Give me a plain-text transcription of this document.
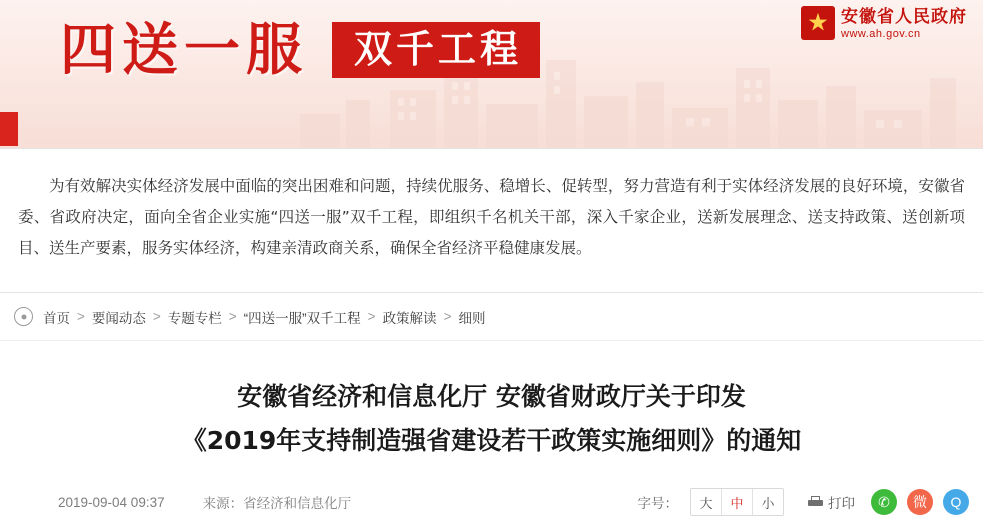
四送一服	双千工程
★ 安徽省人民政府
www.ah.gov.cn

为有效解决实体经济发展中面临的突出困难和问题，持续优服务、稳增长、促转型，努力营造有利于实体经济发展的良好环境，安徽省委、省政府决定，面向全省企业实施“四送一服”双千工程，即组织千名机关干部，深入千家企业，送新发展理念、送支持政策、送创新项目、送生产要素，服务实体经济，构建亲清政商关系，确保全省经济平稳健康发展。

首页 > 要闻动态 > 专题专栏 > “四送一服”双千工程 > 政策解读 > 细则
安徽省经济和信息化厅 安徽省财政厅关于印发
《2019年支持制造强省建设若干政策实施细则》的通知
2019-09-04 09:37	来源：省经济和信息化厅	字号：	大	中	小	打印	✆	微	Q
